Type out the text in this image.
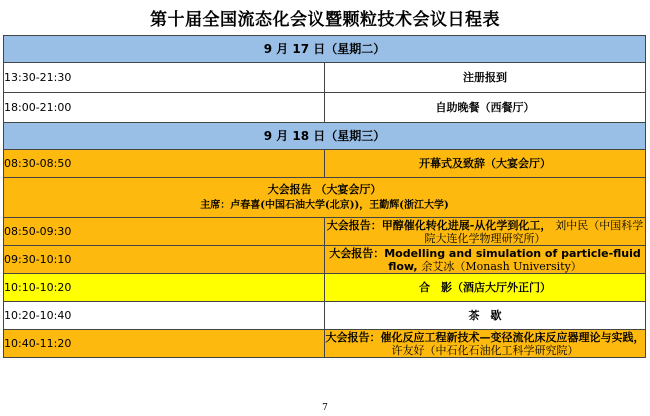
第十届全国流态化会议暨颗粒技术会议日程表
9 月 17 日（星期二）	
13:30-21:30	注册报到
18:00-21:00	自助晚餐（西餐厅）
9 月 18 日（星期三）	
08:30-08:50	开幕式及致辞（大宴会厅）
大会报告 （大宴会厅）
主席：卢春喜(中国石油大学(北京))，王勤辉(浙江大学)	

08:50-09:30	大会报告：甲醇催化转化进展-从化学到化工， 刘中民（中国科学院大连化学物理研究所）
09:30-10:10	大会报告：Modelling and simulation of particle-fluid flow, 余艾冰（Monash University）
10:10-10:20	合　影（酒店大厅外正门）
10:20-10:40	茶　歇
10:40-11:20	大会报告：催化反应工程新技术—变径流化床反应器理论与实践， 许友好（中石化石油化工科学研究院）
7
